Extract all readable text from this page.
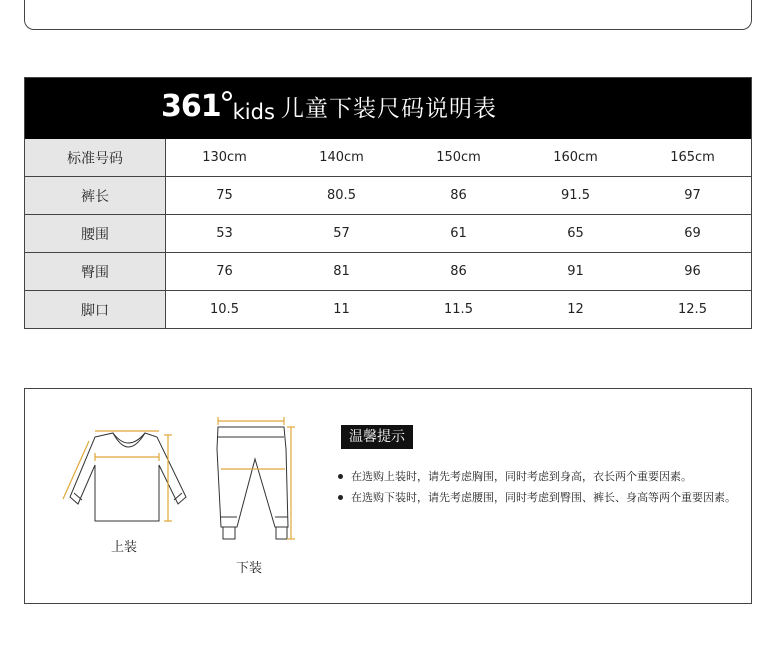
361 kids 儿童下装尺码说明表
标准号码	130cm	140cm	150cm	160cm	165cm
裤长	75	80.5	86	91.5	97
腰围	53	57	61	65	69
臀围	76	81	86	91	96
脚口	10.5	11	11.5	12	12.5
上装
下装
温馨提示
在选购上装时，请先考虑胸围，同时考虑到身高，衣长两个重要因素。
在选购下装时，请先考虑腰围，同时考虑到臀围、裤长、身高等两个重要因素。
